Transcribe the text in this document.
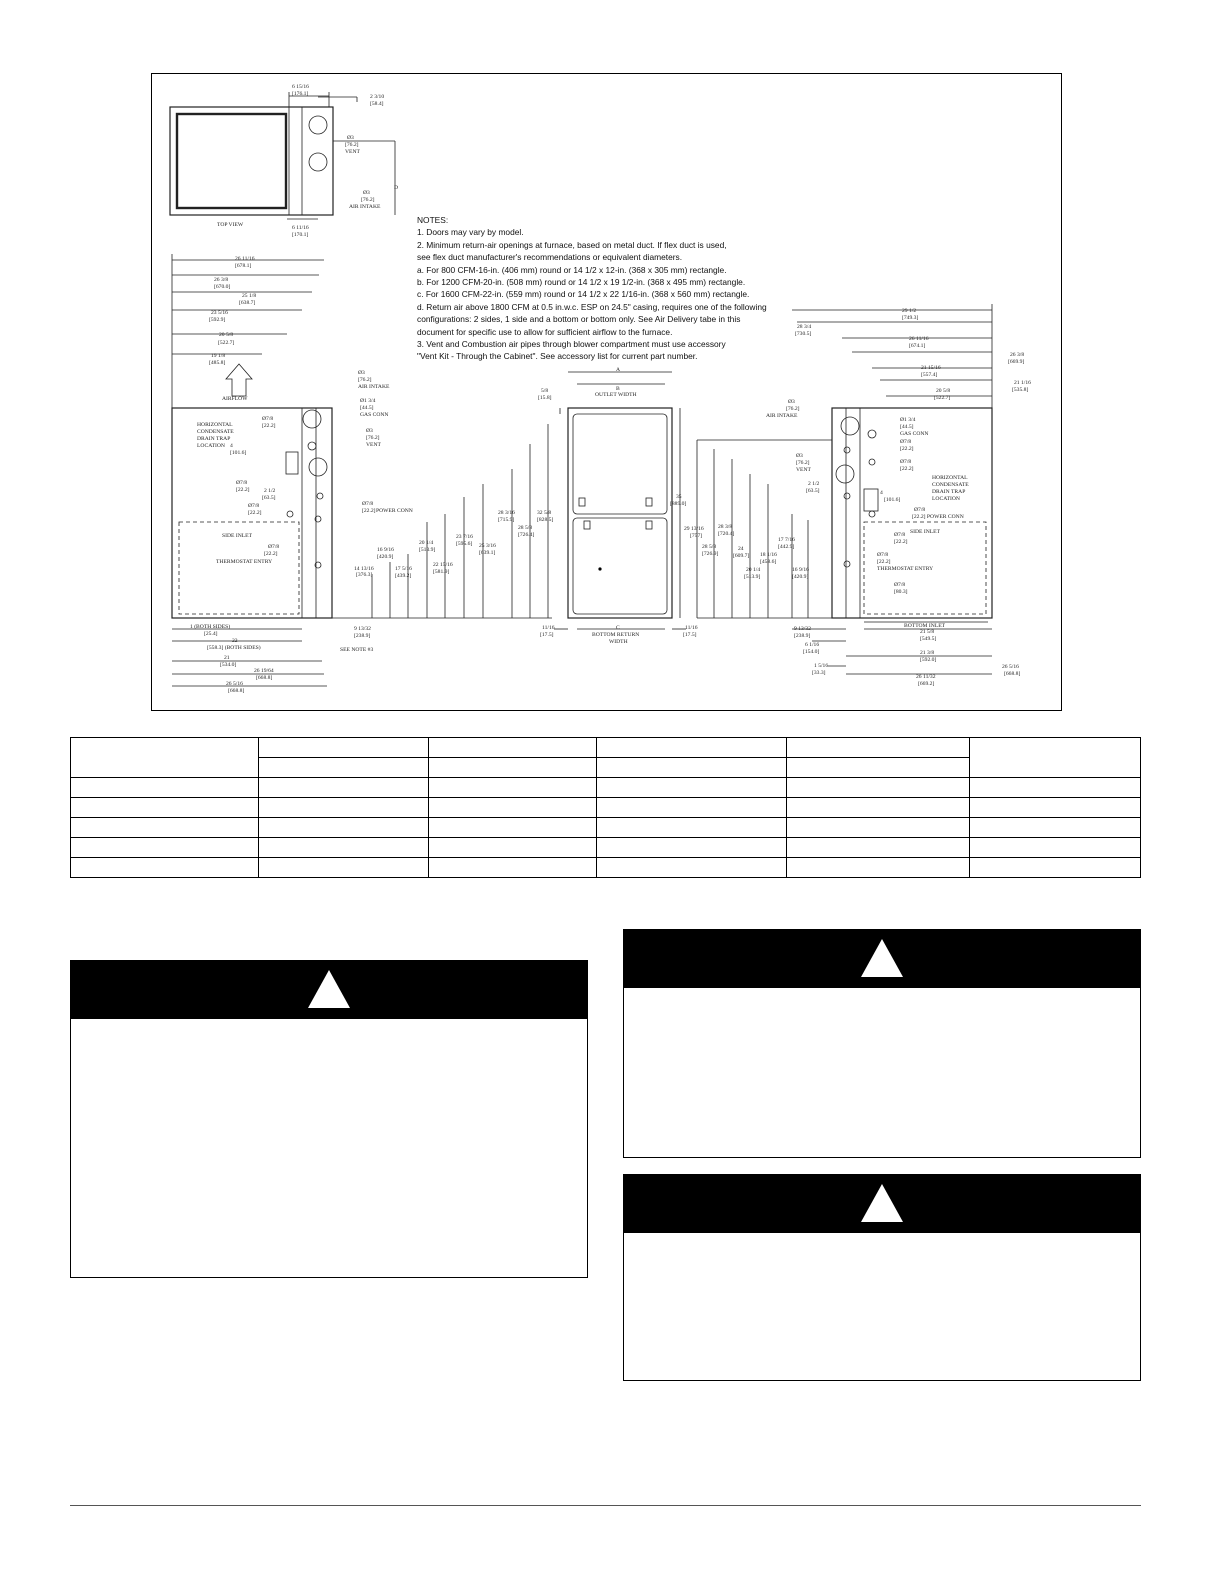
TOP VIEW
6 15/16
[176.1]	2 3/10
[58.4]
6 11/16
[170.1]
D
Ø3
[76.2]
VENT
Ø3
[76.2]
AIR INTAKE
AIRFLOW
SIDE INLET
HORIZONTAL
CONDENSATE
DRAIN TRAP
LOCATION
THERMOSTAT ENTRY
SEE NOTE #3
1 (BOTH SIDES)
[25.4]
22
[558.3] (BOTH SIDES)
26 11/16
[678.1]
26 3/8
[670.0]
25 1/8
[638.7]
23 5/16
[592.9]
20 5/8
[522.7]
19 1/8
[485.8]
Ø3
[76.2]
AIR INTAKE
Ø1 3/4
[44.5]
GAS CONN
Ø3
[76.2]
VENT
Ø7/8
[22.2] POWER CONN
Ø7/8
[22.2]
Ø7/8
[22.2]
Ø7/8
[22.2]
Ø7/8
[22.2]
4
[101.6]
2 1/2
[63.5]
14 13/16
[376.3]
16 9/16
[420.9]
17 5/16
[439.2]
20 1/4
[513.9]
22 15/16
[581.9]
23 7/16
[595.6] 25 3/16
[639.1]
28 3/16
[715.9]
28 5/8
[726.4]
32 5/8
[828.5]
9 13/32
[238.9]
21
[534.0]
26 19/64
[668.8]
26 5/16
[668.8]
A
B
OUTLET WIDTH
C
BOTTOM RETURN
WIDTH
5/8
[15.8]
35
[889.0]
11/16
[17.5]
11/16
[17.5]
SIDE INLET
BOTTOM INLET
HORIZONTAL
CONDENSATE
DRAIN TRAP
LOCATION
THERMOSTAT ENTRY
29 1/2
[749.3]
28 3/4
[730.5]
26 11/16
[674.1]
26 3/8
[669.9]
21 15/16
[557.4]
21 1/16
[535.8]
20 5/8
[522.7]
Ø3
[76.2]
AIR INTAKE
Ø1 3/4
[44.5]
GAS CONN
Ø7/8
[22.2]
Ø3
[76.2]
VENT
Ø7/8
[22.2]
2 1/2
[63.5]	4
[101.6]
Ø7/8
[22.2] POWER CONN
Ø7/8
[22.2]
Ø7/8
[22.2]
Ø7/8
[80.3]
29 13/16
[757]
28 5/8
[726.9]
28 3/8
[720.4]
24
[609.7]
20 1/4
[513.9]
18 1/16
[458.6]
17 7/16
[442.9]
16 9/16
[420.9]
9 13/32
[238.9]
6 1/16
[154.0]
1 5/16
[33.3]
21 5/8
[549.5]
21 3/8
[592.0]
26 11/32
[669.2]
26 5/16
[668.8]
NOTES:
1. Doors may vary by model.
2. Minimum return-air openings at furnace, based on metal duct. If flex duct is used,
see flex duct manufacturer's recommendations or equivalent diameters.
a. For 800 CFM-16-in. (406 mm) round or 14 1/2 x 12-in. (368 x 305 mm) rectangle.
b. For 1200 CFM-20-in. (508 mm) round or 14 1/2 x 19 1/2-in. (368 x 495 mm) rectangle.
c. For 1600 CFM-22-in. (559 mm) round or 14 1/2 x 22 1/16-in. (368 x 560 mm) rectangle.
d. Return air above 1800 CFM at 0.5 in.w.c. ESP on 24.5" casing, requires one of the following
configurations: 2 sides, 1 side and a bottom or bottom only. See Air Delivery tabe in this
document for specific use to allow for sufficient airflow to the furnace.
3. Vent and Combustion air pipes through blower compartment must use accessory
"Vent Kit - Through the Cabinet". See accessory list for current part number.
